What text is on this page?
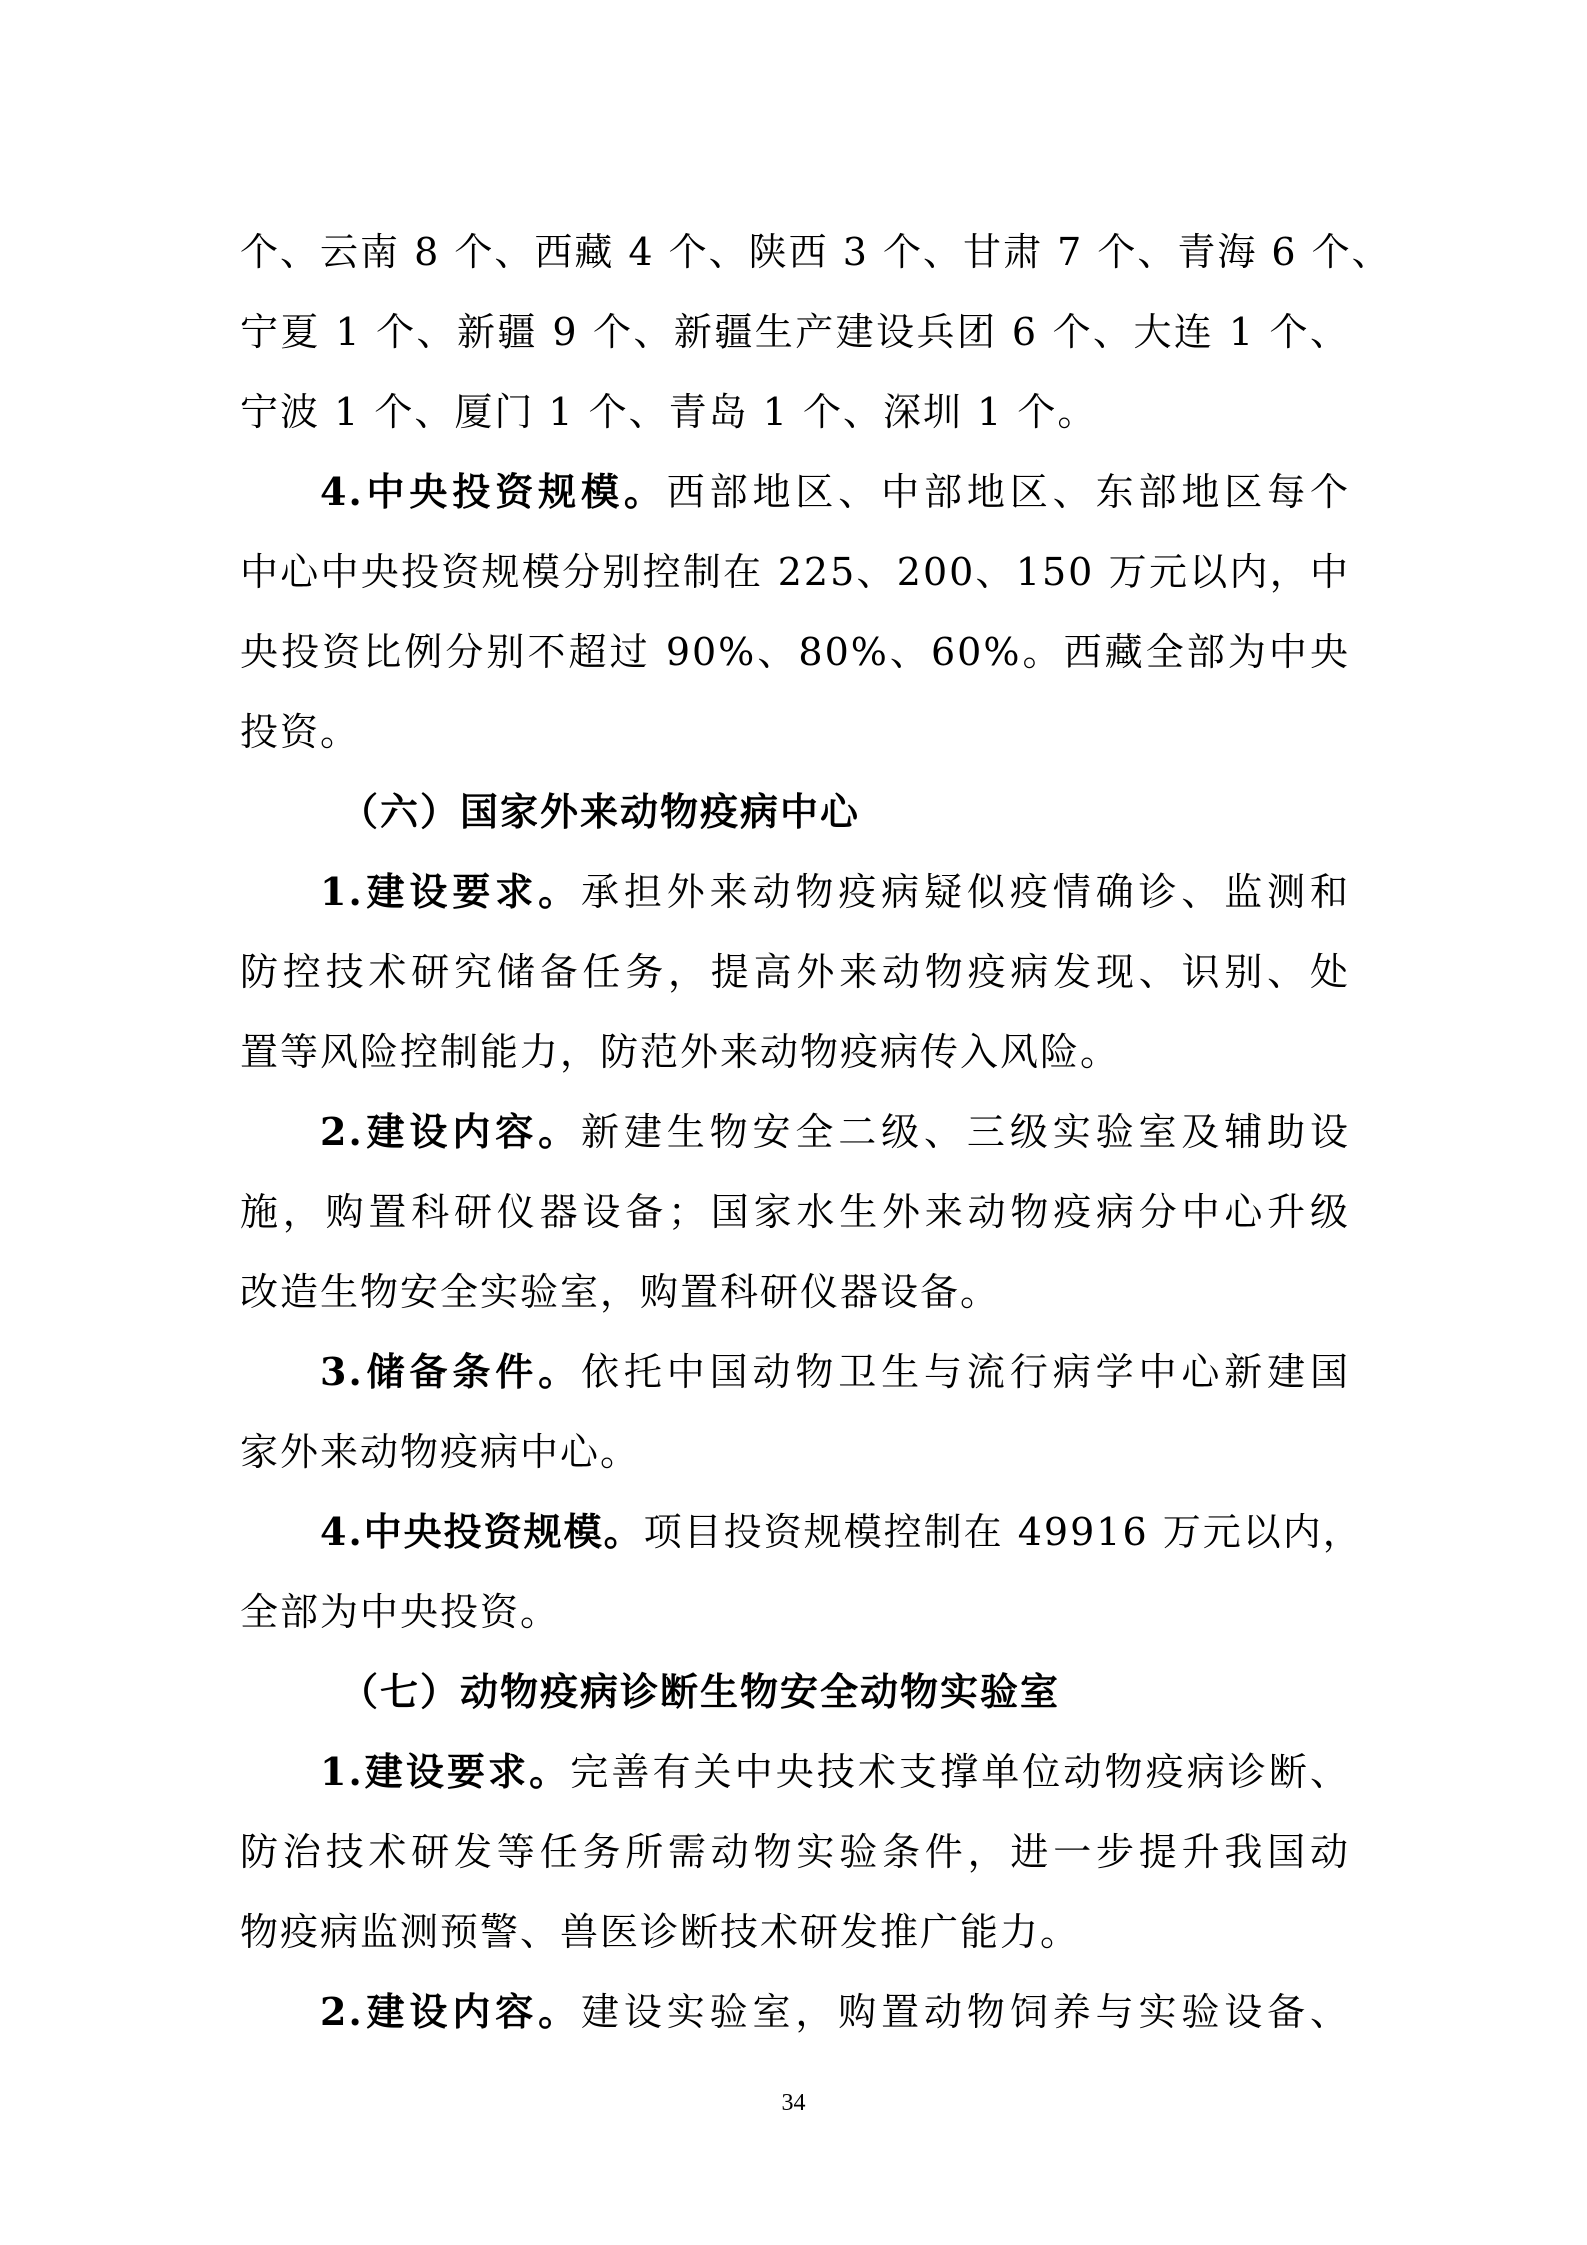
个、云南 8 个、西藏 4 个、陕西 3 个、甘肃 7 个、青海 6 个、
宁夏 1 个、新疆 9 个、新疆生产建设兵团 6 个、大连 1 个、
宁波 1 个、厦门 1 个、青岛 1 个、深圳 1 个。
4.中央投资规模。西部地区、中部地区、东部地区每个
中心中央投资规模分别控制在 225、200、150 万元以内，中
央投资比例分别不超过 90%、80%、60%。西藏全部为中央
投资。
（六）国家外来动物疫病中心
1.建设要求。承担外来动物疫病疑似疫情确诊、监测和
防控技术研究储备任务，提高外来动物疫病发现、识别、处
置等风险控制能力，防范外来动物疫病传入风险。
2.建设内容。新建生物安全二级、三级实验室及辅助设
施，购置科研仪器设备；国家水生外来动物疫病分中心升级
改造生物安全实验室，购置科研仪器设备。
3.储备条件。依托中国动物卫生与流行病学中心新建国
家外来动物疫病中心。
4.中央投资规模。项目投资规模控制在 49916 万元以内，
全部为中央投资。
（七）动物疫病诊断生物安全动物实验室
1.建设要求。完善有关中央技术支撑单位动物疫病诊断、
防治技术研发等任务所需动物实验条件，进一步提升我国动
物疫病监测预警、兽医诊断技术研发推广能力。
2.建设内容。建设实验室，购置动物饲养与实验设备、
34
